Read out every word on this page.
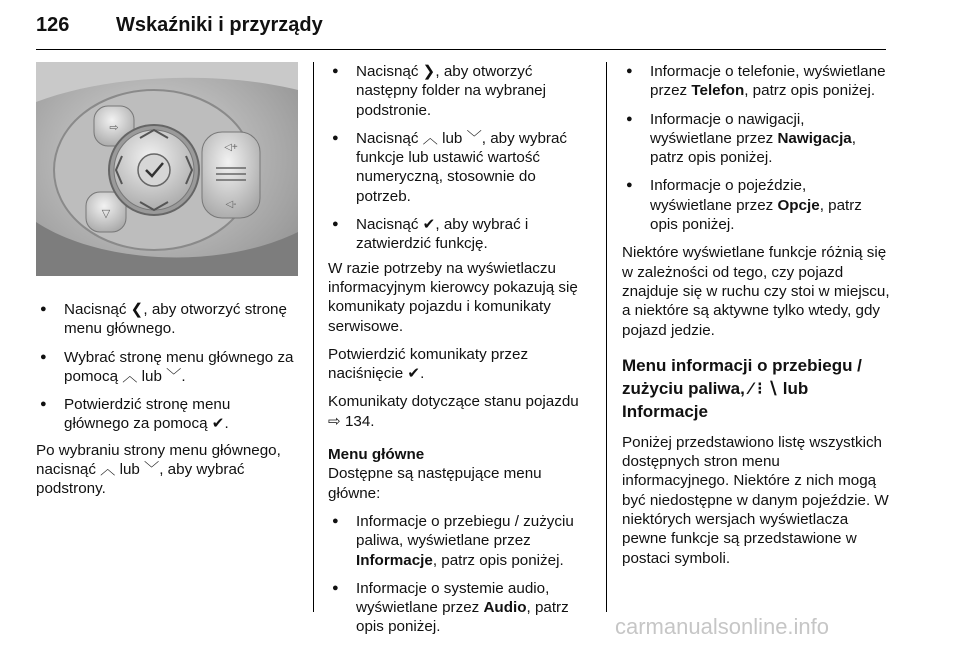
126 Wskaźniki i przyrządy
⇨
▽
◁+
◁-
● Nacisnąć ❮, aby otworzyć stronę menu głównego.
● Wybrać stronę menu głównego za pomocą ︿ lub ﹀.
● Potwierdzić stronę menu głównego za pomocą ✔.

Po wybraniu strony menu głównego, nacisnąć ︿ lub ﹀, aby wybrać podstrony.

● Nacisnąć ❯, aby otworzyć następny folder na wybranej podstronie.
● Nacisnąć ︿ lub ﹀, aby wybrać funkcje lub ustawić wartość numeryczną, stosownie do potrzeb.
● Nacisnąć ✔, aby wybrać i zatwierdzić funkcję.

W razie potrzeby na wyświetlaczu informacyjnym kierowcy pokazują się komunikaty pojazdu i komunikaty serwisowe.

Potwierdzić komunikaty przez naciśnięcie ✔.

Komunikaty dotyczące stanu pojazdu ⇨ 134.

Menu główne

Dostępne są następujące menu główne:

● Informacje o przebiegu / zużyciu paliwa, wyświetlane przez Informacje, patrz opis poniżej.
● Informacje o systemie audio, wyświetlane przez Audio, patrz opis poniżej.
● Informacje o telefonie, wyświetlane przez Telefon, patrz opis poniżej.
● Informacje o nawigacji, wyświetlane przez Nawigacja, patrz opis poniżej.
● Informacje o pojeździe, wyświetlane przez Opcje, patrz opis poniżej.

Niektóre wyświetlane funkcje różnią się w zależności od tego, czy pojazd znajduje się w ruchu czy stoi w miejscu, a niektóre są aktywne tylko wtedy, gdy pojazd jedzie.

Menu informacji o przebiegu / zużyciu paliwa, ⁄ ⁝ ∖ lub Informacje

Poniżej przedstawiono listę wszystkich dostępnych stron menu informacyjnego. Niektóre z nich mogą być niedostępne w danym pojeździe. W niektórych wersjach wyświetlacza pewne funkcje są przedstawione w postaci symboli.

carmanualsonline.info
